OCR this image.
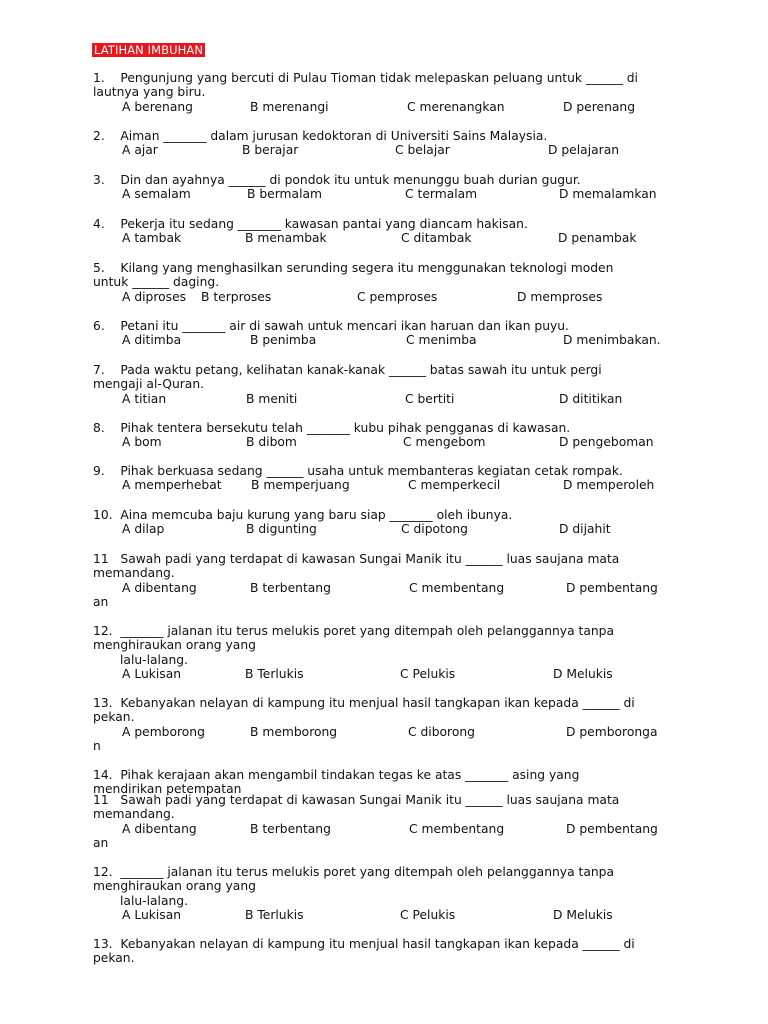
LATIHAN IMBUHAN
1. Pengunjung yang bercuti di Pulau Tioman tidak melepaskan peluang untuk ______ di
lautnya yang biru.
A berenang	B merenangi	C merenangkan	D perenang
2. Aiman _______ dalam jurusan kedoktoran di Universiti Sains Malaysia.
A ajar	B berajar	C belajar	D pelajaran
3. Din dan ayahnya ______ di pondok itu untuk menunggu buah durian gugur.
A semalam	B bermalam	C termalam	D memalamkan
4. Pekerja itu sedang _______ kawasan pantai yang diancam hakisan.
A tambak	B menambak	C ditambak	D penambak
5. Kilang yang menghasilkan serunding segera itu menggunakan teknologi moden
untuk ______ daging.
A diproses B terproses	C pemproses	D memproses
6. Petani itu _______ air di sawah untuk mencari ikan haruan dan ikan puyu.
A ditimba	B penimba	C menimba	D menimbakan.
7. Pada waktu petang, kelihatan kanak-kanak ______ batas sawah itu untuk pergi
mengaji al-Quran.
A titian	B meniti	C bertiti	D dititikan
8. Pihak tentera bersekutu telah _______ kubu pihak pengganas di kawasan.
A bom	B dibom	C mengebom	D pengeboman
9. Pihak berkuasa sedang ______ usaha untuk membanteras kegiatan cetak rompak.
A memperhebat B memperjuang	C memperkecil	D memperoleh
10. Aina memcuba baju kurung yang baru siap _______ oleh ibunya.
A dilap	B digunting	C dipotong	D dijahit
11 Sawah padi yang terdapat di kawasan Sungai Manik itu ______ luas saujana mata
memandang.
A dibentang	B terbentang	C membentang	D pembentang
an
12. _______ jalanan itu terus melukis poret yang ditempah oleh pelanggannya tanpa
menghiraukan orang yang
lalu-lalang.
A Lukisan	B Terlukis	C Pelukis	D Melukis
13. Kebanyakan nelayan di kampung itu menjual hasil tangkapan ikan kepada ______ di
pekan.
A pemborong	B memborong	C diborong	D pemboronga
n
14. Pihak kerajaan akan mengambil tindakan tegas ke atas _______ asing yang
mendirikan petempatan
11 Sawah padi yang terdapat di kawasan Sungai Manik itu ______ luas saujana mata
memandang.
A dibentang	B terbentang	C membentang	D pembentang
an
12. _______ jalanan itu terus melukis poret yang ditempah oleh pelanggannya tanpa
menghiraukan orang yang
lalu-lalang.
A Lukisan	B Terlukis	C Pelukis	D Melukis
13. Kebanyakan nelayan di kampung itu menjual hasil tangkapan ikan kepada ______ di
pekan.
